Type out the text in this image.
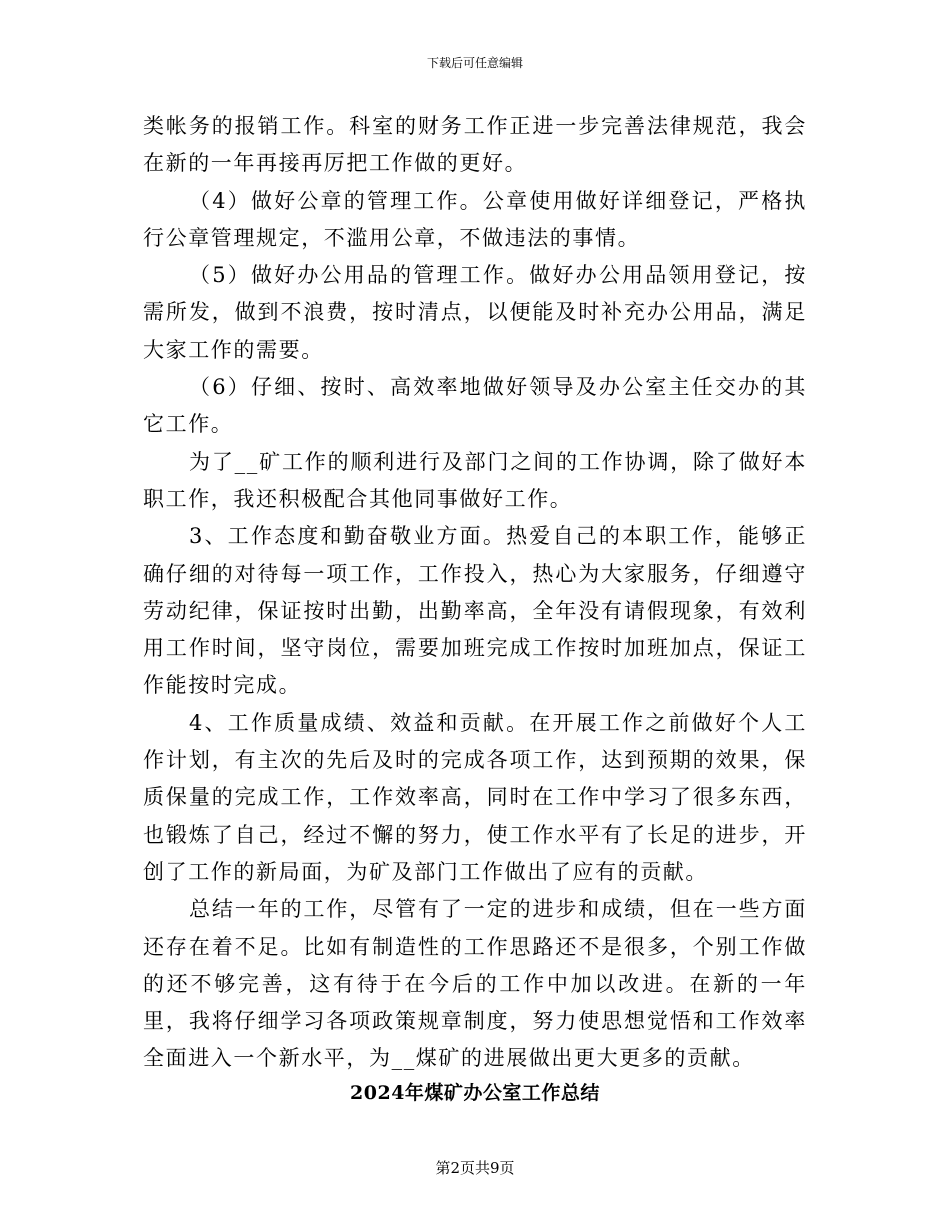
下载后可任意编辑

类帐务的报销工作。科室的财务工作正进一步完善法律规范，我会在新的一年再接再厉把工作做的更好。

（4）做好公章的管理工作。公章使用做好详细登记，严格执行公章管理规定，不滥用公章，不做违法的事情。

（5）做好办公用品的管理工作。做好办公用品领用登记，按需所发，做到不浪费，按时清点，以便能及时补充办公用品，满足大家工作的需要。

（6）仔细、按时、高效率地做好领导及办公室主任交办的其它工作。

为了__矿工作的顺利进行及部门之间的工作协调，除了做好本职工作，我还积极配合其他同事做好工作。

3、工作态度和勤奋敬业方面。热爱自己的本职工作，能够正确仔细的对待每一项工作，工作投入，热心为大家服务，仔细遵守劳动纪律，保证按时出勤，出勤率高，全年没有请假现象，有效利用工作时间，坚守岗位，需要加班完成工作按时加班加点，保证工作能按时完成。

4、工作质量成绩、效益和贡献。在开展工作之前做好个人工作计划，有主次的先后及时的完成各项工作，达到预期的效果，保质保量的完成工作，工作效率高，同时在工作中学习了很多东西，也锻炼了自己，经过不懈的努力，使工作水平有了长足的进步，开创了工作的新局面，为矿及部门工作做出了应有的贡献。

总结一年的工作，尽管有了一定的进步和成绩，但在一些方面还存在着不足。比如有制造性的工作思路还不是很多，个别工作做的还不够完善，这有待于在今后的工作中加以改进。在新的一年里，我将仔细学习各项政策规章制度，努力使思想觉悟和工作效率全面进入一个新水平，为__煤矿的进展做出更大更多的贡献。

2024年煤矿办公室工作总结
第2页共9页
